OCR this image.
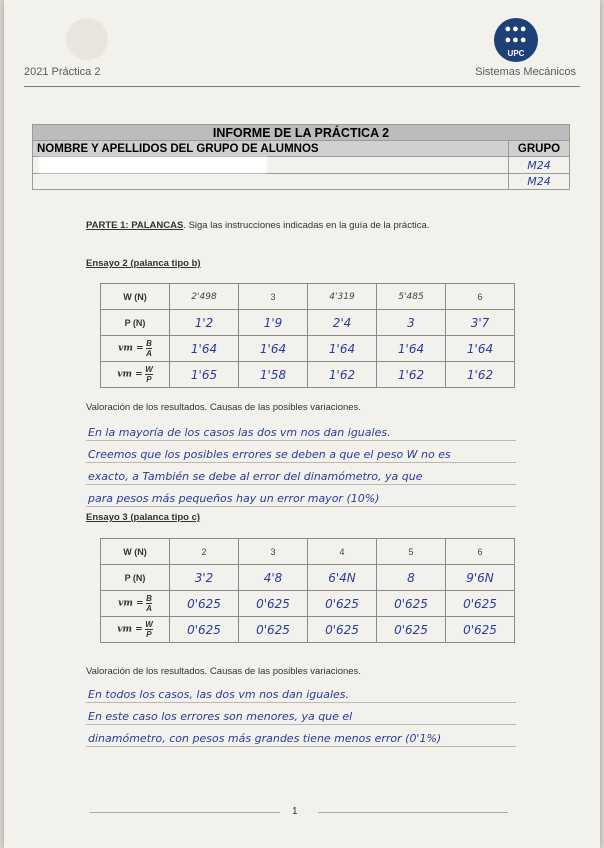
●●●
●●●
UPC
2021 Práctica 2	Sistemas Mecánicos
INFORME DE LA PRÁCTICA 2	
NOMBRE Y APELLIDOS DEL GRUPO DE ALUMNOS	GRUPO
	M24
	M24
PARTE 1: PALANCAS. Siga las instrucciones indicadas en la guía de la práctica.
Ensayo 2 (palanca tipo b)
W (N)	2'498	3	4'319	5'485	6
P (N)	1'2	1'9	2'4	3	3'7
vm = $\frac{B}{A}$	1'64	1'64	1'64	1'64	1'64
vm = $\frac{W}{P}$	1'65	1'58	1'62	1'62	1'62
Valoración de los resultados. Causas de las posibles variaciones.
En la mayoría de los casos las dos vm nos dan iguales.
Creemos que los posibles errores se deben a que el peso W no es
exacto, a También se debe al error del dinamómetro, ya que
para pesos más pequeños hay un error mayor (10%)
Ensayo 3 (palanca tipo c)
W (N)	2	3	4	5	6
P (N)	3'2	4'8	6'4N	8	9'6N
vm = $\frac{B}{A}$	0'625	0'625	0'625	0'625	0'625
vm = $\frac{W}{P}$	0'625	0'625	0'625	0'625	0'625
Valoración de los resultados. Causas de las posibles variaciones.
En todos los casos, las dos vm nos dan iguales.
En este caso los errores son menores, ya que el
dinamómetro, con pesos más grandes tiene menos error (0'1%)
1
